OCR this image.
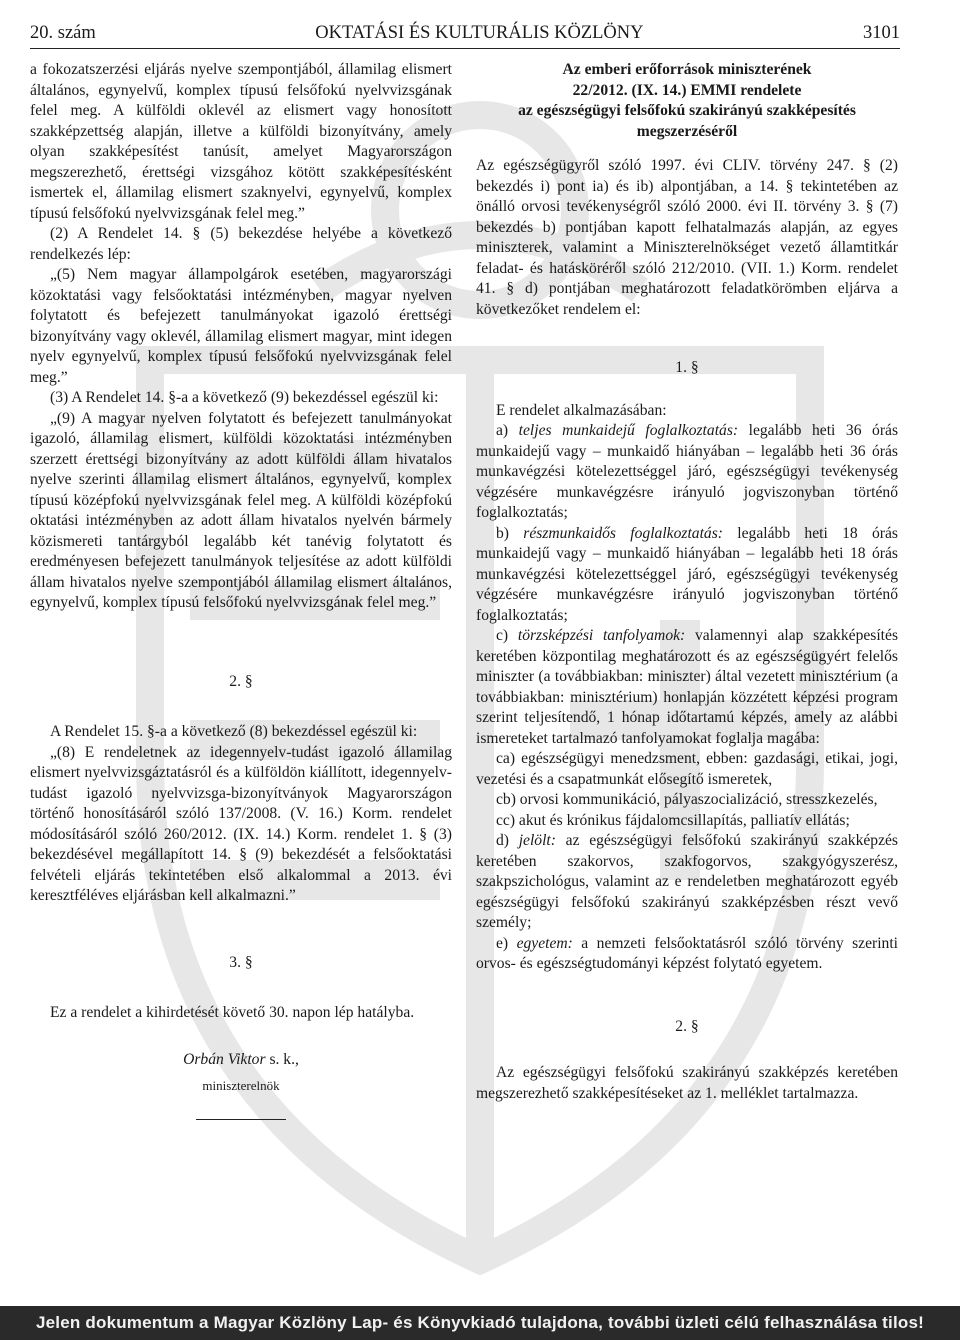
20. szám	OKTATÁSI ÉS KULTURÁLIS KÖZLÖNY	3101

a fokozatszerzési eljárás nyelve szempontjából, államilag elismert általános, egynyelvű, komplex típusú felsőfokú nyelvvizsgának felel meg. A külföldi oklevél az elismert vagy honosított szakképzettség alapján, illetve a külföldi bizonyítvány, amely olyan szakképesítést tanúsít, amelyet Magyarországon megszerezhető, érettségi vizsgához kötött szakképesítésként ismertek el, államilag elismert szaknyelvi, egynyelvű, komplex típusú felsőfokú nyelvvizsgának felel meg.”

(2) A Rendelet 14. § (5) bekezdése helyébe a következő rendelkezés lép:

„(5) Nem magyar állampolgárok esetében, magyarországi közoktatási vagy felsőoktatási intézményben, magyar nyelven folytatott és befejezett tanulmányokat igazoló érettségi bizonyítvány vagy oklevél, államilag elismert magyar, mint idegen nyelv egynyelvű, komplex típusú felsőfokú nyelvvizsgának felel meg.”

(3) A Rendelet 14. §-a a következő (9) bekezdéssel egészül ki:

„(9) A magyar nyelven folytatott és befejezett tanulmányokat igazoló, államilag elismert, külföldi közoktatási intézményben szerzett érettségi bizonyítvány az adott külföldi állam hivatalos nyelve szerinti államilag elismert általános, egynyelvű, komplex típusú középfokú nyelvvizsgának felel meg. A külföldi középfokú oktatási intézményben az adott állam hivatalos nyelvén bármely közismereti tantárgyból legalább két tanévig folytatott és eredményesen befejezett tanulmányok teljesítése az adott külföldi állam hivatalos nyelve szempontjából államilag elismert általános, egynyelvű, komplex típusú felsőfokú nyelvvizsgának felel meg.”

2. §

A Rendelet 15. §-a a következő (8) bekezdéssel egészül ki:

„(8) E rendeletnek az idegennyelv-tudást igazoló államilag elismert nyelvvizsgáztatásról és a külföldön kiállított, idegennyelv-tudást igazoló nyelvvizsga-bizonyítványok Magyarországon történő honosításáról szóló 137/2008. (V. 16.) Korm. rendelet módosításáról szóló 260/2012. (IX. 14.) Korm. rendelet 1. § (3) bekezdésével megállapított 14. § (9) bekezdését a felsőoktatási felvételi eljárás tekintetében első alkalommal a 2013. évi keresztféléves eljárásban kell alkalmazni.”

3. §

Ez a rendelet a kihirdetését követő 30. napon lép hatályba.

Orbán Viktor s. k.,
miniszterelnök
Az emberi erőforrások miniszterének
22/2012. (IX. 14.) EMMI rendelete
az egészségügyi felsőfokú szakirányú szakképesítés
megszerzéséről

Az egészségügyről szóló 1997. évi CLIV. törvény 247. § (2) bekezdés i) pont ia) és ib) alpontjában, a 14. § tekintetében az önálló orvosi tevékenységről szóló 2000. évi II. törvény 3. § (7) bekezdés b) pontjában kapott felhatalmazás alapján, az egyes miniszterek, valamint a Miniszterelnökséget vezető államtitkár feladat- és hatásköréről szóló 212/2010. (VII. 1.) Korm. rendelet 41. § d) pontjában meghatározott feladatkörömben eljárva a következőket rendelem el:

1. §

E rendelet alkalmazásában:

a) teljes munkaidejű foglalkoztatás: legalább heti 36 órás munkaidejű vagy – munkaidő hiányában – legalább heti 36 órás munkavégzési kötelezettséggel járó, egészségügyi tevékenység végzésére munkavégzésre irányuló jogviszonyban történő foglalkoztatás;

b) részmunkaidős foglalkoztatás: legalább heti 18 órás munkaidejű vagy – munkaidő hiányában – legalább heti 18 órás munkavégzési kötelezettséggel járó, egészségügyi tevékenység végzésére munkavégzésre irányuló jogviszonyban történő foglalkoztatás;

c) törzsképzési tanfolyamok: valamennyi alap szakképesítés keretében központilag meghatározott és az egészségügyért felelős miniszter (a továbbiakban: miniszter) által vezetett minisztérium (a továbbiakban: minisztérium) honlapján közzétett képzési program szerint teljesítendő, 1 hónap időtartamú képzés, amely az alábbi ismereteket tartalmazó tanfolyamokat foglalja magába:

ca) egészségügyi menedzsment, ebben: gazdasági, etikai, jogi, vezetési és a csapatmunkát elősegítő ismeretek,

cb) orvosi kommunikáció, pályaszocializáció, stresszkezelés,

cc) akut és krónikus fájdalomcsillapítás, palliatív ellátás;

d) jelölt: az egészségügyi felsőfokú szakirányú szakképzés keretében szakorvos, szakfogorvos, szakgyógyszerész, szakpszichológus, valamint az e rendeletben meghatározott egyéb egészségügyi felsőfokú szakirányú szakképzésben részt vevő személy;

e) egyetem: a nemzeti felsőoktatásról szóló törvény szerinti orvos- és egészségtudományi képzést folytató egyetem.

2. §

Az egészségügyi felsőfokú szakirányú szakképzés keretében megszerezhető szakképesítéseket az 1. melléklet tartalmazza.

Jelen dokumentum a Magyar Közlöny Lap- és Könyvkiadó tulajdona, további üzleti célú felhasználása tilos!
